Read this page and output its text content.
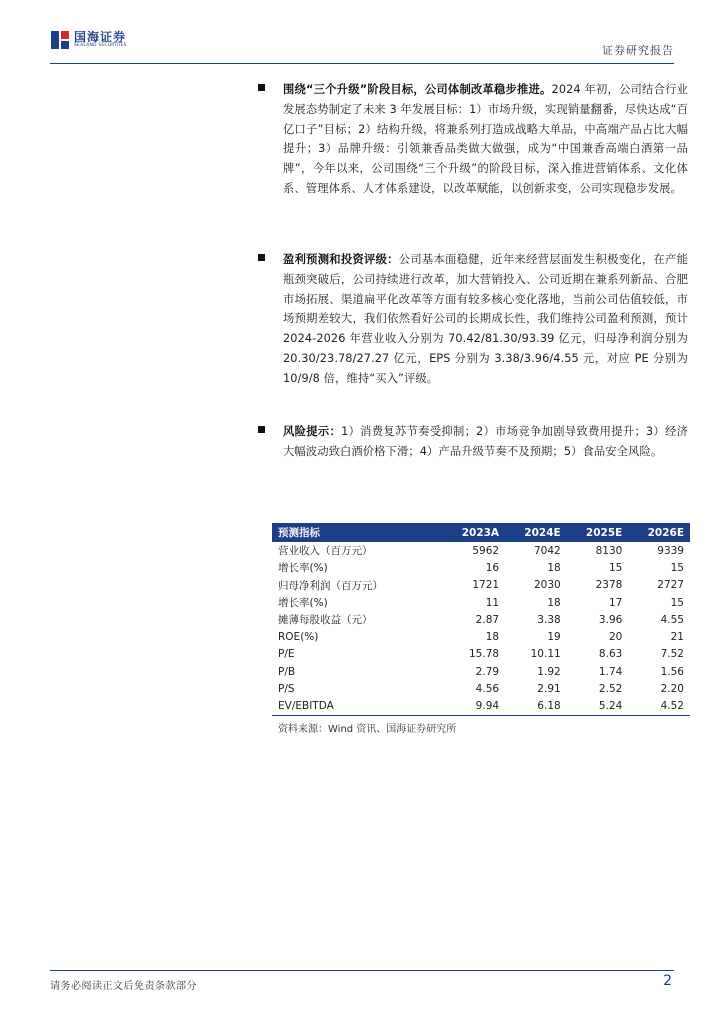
国海证券
SEALAND SECURITIES	证券研究报告

围绕“三个升级”阶段目标，公司体制改革稳步推进。2024 年初，公司结合行业发展态势制定了未来 3 年发展目标：1）市场升级，实现销量翻番，尽快达成“百亿口子”目标；2）结构升级，将兼系列打造成战略大单品，中高端产品占比大幅提升；3）品牌升级：引领兼香品类做大做强，成为“中国兼香高端白酒第一品牌”，今年以来，公司围绕“三个升级”的阶段目标，深入推进营销体系、文化体系、管理体系、人才体系建设，以改革赋能，以创新求变，公司实现稳步发展。

盈利预测和投资评级：公司基本面稳健，近年来经营层面发生积极变化，在产能瓶颈突破后，公司持续进行改革，加大营销投入、公司近期在兼系列新品、合肥市场拓展、渠道扁平化改革等方面有较多核心变化落地，当前公司估值较低，市场预期差较大，我们依然看好公司的长期成长性，我们维持公司盈利预测，预计 2024-2026 年营业收入分别为 70.42/81.30/93.39 亿元，归母净利润分别为 20.30/23.78/27.27 亿元，EPS 分别为 3.38/3.96/4.55 元，对应 PE 分别为 10/9/8 倍，维持“买入”评级。

风险提示：1）消费复苏节奏受抑制；2）市场竞争加剧导致费用提升；3）经济大幅波动致白酒价格下滑；4）产品升级节奏不及预期；5）食品安全风险。

预测指标	2023A	2024E	2025E	2026E
营业收入（百万元）	5962	7042	8130	9339
增长率(%)	16	18	15	15
归母净利润（百万元）	1721	2030	2378	2727
增长率(%)	11	18	17	15
摊薄每股收益（元）	2.87	3.38	3.96	4.55
ROE(%)	18	19	20	21
P/E	15.78	10.11	8.63	7.52
P/B	2.79	1.92	1.74	1.56
P/S	4.56	2.91	2.52	2.20
EV/EBITDA	9.94	6.18	5.24	4.52
资料来源：Wind 资讯、国海证券研究所
请务必阅读正文后免责条款部分	2
